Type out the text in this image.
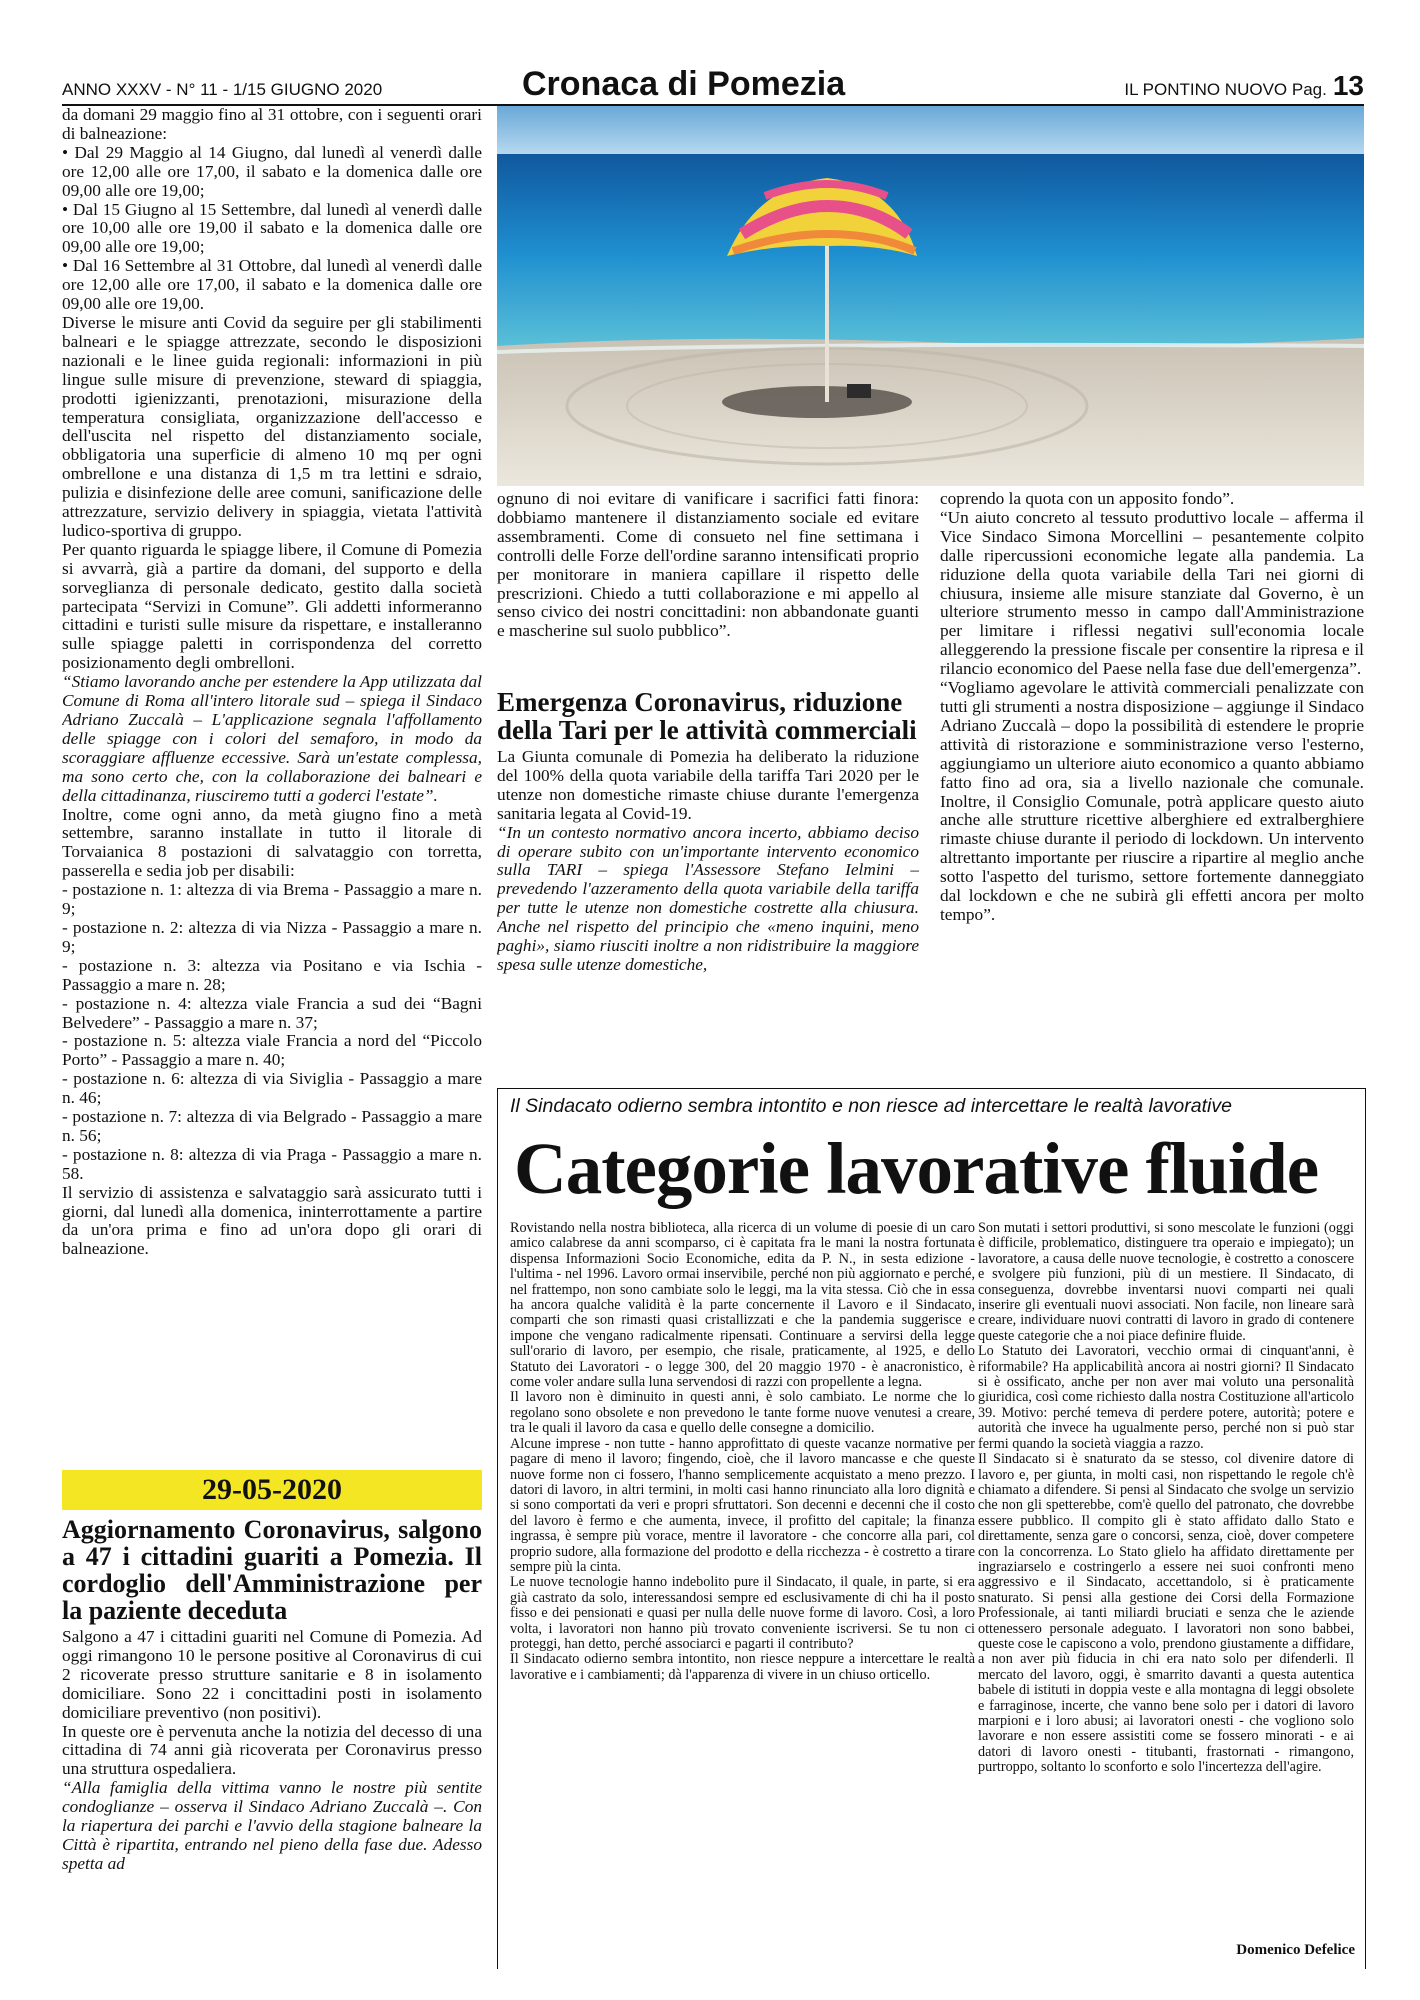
ANNO XXXV - N° 11 - 1/15 GIUGNO 2020	Cronaca di Pomezia	IL PONTINO NUOVO Pag. 13

da domani 29 maggio fino al 31 ottobre, con i seguenti orari di balneazione:

• Dal 29 Maggio al 14 Giugno, dal lunedì al venerdì dalle ore 12,00 alle ore 17,00, il sabato e la domenica dalle ore 09,00 alle ore 19,00;

• Dal 15 Giugno al 15 Settembre, dal lunedì al venerdì dalle ore 10,00 alle ore 19,00 il sabato e la domenica dalle ore 09,00 alle ore 19,00;

• Dal 16 Settembre al 31 Ottobre, dal lunedì al venerdì dalle ore 12,00 alle ore 17,00, il sabato e la domenica dalle ore 09,00 alle ore 19,00.

Diverse le misure anti Covid da seguire per gli stabilimenti balneari e le spiagge attrezzate, secondo le disposizioni nazionali e le linee guida regionali: informazioni in più lingue sulle misure di prevenzione, steward di spiaggia, prodotti igienizzanti, prenotazioni, misurazione della temperatura consigliata, organizzazione dell'accesso e dell'uscita nel rispetto del distanziamento sociale, obbligatoria una superficie di almeno 10 mq per ogni ombrellone e una distanza di 1,5 m tra lettini e sdraio, pulizia e disinfezione delle aree comuni, sanificazione delle attrezzature, servizio delivery in spiaggia, vietata l'attività ludico-sportiva di gruppo.

Per quanto riguarda le spiagge libere, il Comune di Pomezia si avvarrà, già a partire da domani, del supporto e della sorveglianza di personale dedicato, gestito dalla società partecipata “Servizi in Comune”. Gli addetti informeranno cittadini e turisti sulle misure da rispettare, e installeranno sulle spiagge paletti in corrispondenza del corretto posizionamento degli ombrelloni.

“Stiamo lavorando anche per estendere la App utilizzata dal Comune di Roma all'intero litorale sud – spiega il Sindaco Adriano Zuccalà – L'applicazione segnala l'affollamento delle spiagge con i colori del semaforo, in modo da scoraggiare affluenze eccessive. Sarà un'estate complessa, ma sono certo che, con la collaborazione dei balneari e della cittadinanza, riusciremo tutti a goderci l'estate”.

Inoltre, come ogni anno, da metà giugno fino a metà settembre, saranno installate in tutto il litorale di Torvaianica 8 postazioni di salvataggio con torretta, passerella e sedia job per disabili:

- postazione n. 1: altezza di via Brema - Passaggio a mare n. 9;

- postazione n. 2: altezza di via Nizza - Passaggio a mare n. 9;

- postazione n. 3: altezza via Positano e via Ischia - Passaggio a mare n. 28;

- postazione n. 4: altezza viale Francia a sud dei “Bagni Belvedere” - Passaggio a mare n. 37;

- postazione n. 5: altezza viale Francia a nord del “Piccolo Porto” - Passaggio a mare n. 40;

- postazione n. 6: altezza di via Siviglia - Passaggio a mare n. 46;

- postazione n. 7: altezza di via Belgrado - Passaggio a mare n. 56;

- postazione n. 8: altezza di via Praga - Passaggio a mare n. 58.

Il servizio di assistenza e salvataggio sarà assicurato tutti i giorni, dal lunedì alla domenica, ininterrottamente a partire da un'ora prima e fino ad un'ora dopo gli orari di balneazione.

ognuno di noi evitare di vanificare i sacrifici fatti finora: dobbiamo mantenere il distanziamento sociale ed evitare assembramenti. Come di consueto nel fine settimana i controlli delle Forze dell'ordine saranno intensificati proprio per monitorare in maniera capillare il rispetto delle prescrizioni. Chiedo a tutti collaborazione e mi appello al senso civico dei nostri concittadini: non abbandonate guanti e mascherine sul suolo pubblico”.

Emergenza Coronavirus, riduzione della Tari per le attività commerciali

La Giunta comunale di Pomezia ha deliberato la riduzione del 100% della quota variabile della tariffa Tari 2020 per le utenze non domestiche rimaste chiuse durante l'emergenza sanitaria legata al Covid-19.

“In un contesto normativo ancora incerto, abbiamo deciso di operare subito con un'importante intervento economico sulla TARI – spiega l'Assessore Stefano Ielmini – prevedendo l'azzeramento della quota variabile della tariffa per tutte le utenze non domestiche costrette alla chiusura. Anche nel rispetto del principio che «meno inquini, meno paghi», siamo riusciti inoltre a non ridistribuire la maggiore spesa sulle utenze domestiche,

coprendo la quota con un apposito fondo”.

“Un aiuto concreto al tessuto produttivo locale – afferma il Vice Sindaco Simona Morcellini – pesantemente colpito dalle ripercussioni economiche legate alla pandemia. La riduzione della quota variabile della Tari nei giorni di chiusura, insieme alle misure stanziate dal Governo, è un ulteriore strumento messo in campo dall'Amministrazione per limitare i riflessi negativi sull'economia locale alleggerendo la pressione fiscale per consentire la ripresa e il rilancio economico del Paese nella fase due dell'emergenza”.

“Vogliamo agevolare le attività commerciali penalizzate con tutti gli strumenti a nostra disposizione – aggiunge il Sindaco Adriano Zuccalà – dopo la possibilità di estendere le proprie attività di ristorazione e somministrazione verso l'esterno, aggiungiamo un ulteriore aiuto economico a quanto abbiamo fatto fino ad ora, sia a livello nazionale che comunale. Inoltre, il Consiglio Comunale, potrà applicare questo aiuto anche alle strutture ricettive alberghiere ed extralberghiere rimaste chiuse durante il periodo di lockdown. Un intervento altrettanto importante per riuscire a ripartire al meglio anche sotto l'aspetto del turismo, settore fortemente danneggiato dal lockdown e che ne subirà gli effetti ancora per molto tempo”.

29-05-2020
Aggiornamento Coronavirus, salgono a 47 i cittadini guariti a Pomezia. Il cordoglio dell'Amministrazione per la paziente deceduta

Salgono a 47 i cittadini guariti nel Comune di Pomezia. Ad oggi rimangono 10 le persone positive al Coronavirus di cui 2 ricoverate presso strutture sanitarie e 8 in isolamento domiciliare. Sono 22 i concittadini posti in isolamento domiciliare preventivo (non positivi).

In queste ore è pervenuta anche la notizia del decesso di una cittadina di 74 anni già ricoverata per Coronavirus presso una struttura ospedaliera.

“Alla famiglia della vittima vanno le nostre più sentite condoglianze – osserva il Sindaco Adriano Zuccalà –. Con la riapertura dei parchi e l'avvio della stagione balneare la Città è ripartita, entrando nel pieno della fase due. Adesso spetta ad

Il Sindacato odierno sembra intontito e non riesce ad intercettare le realtà lavorative
Categorie lavorative fluide

Rovistando nella nostra biblioteca, alla ricerca di un volume di poesie di un caro amico calabrese da anni scomparso, ci è capitata fra le mani la nostra fortunata dispensa Informazioni Socio Economiche, edita da P. N., in sesta edizione - l'ultima - nel 1996. Lavoro ormai inservibile, perché non più aggiornato e perché, nel frattempo, non sono cambiate solo le leggi, ma la vita stessa. Ciò che in essa ha ancora qualche validità è la parte concernente il Lavoro e il Sindacato, comparti che son rimasti quasi cristallizzati e che la pandemia suggerisce e impone che vengano radicalmente ripensati. Continuare a servirsi della legge sull'orario di lavoro, per esempio, che risale, praticamente, al 1925, e dello Statuto dei Lavoratori - o legge 300, del 20 maggio 1970 - è anacronistico, è come voler andare sulla luna servendosi di razzi con propellente a legna.

Il lavoro non è diminuito in questi anni, è solo cambiato. Le norme che lo regolano sono obsolete e non prevedono le tante forme nuove venutesi a creare, tra le quali il lavoro da casa e quello delle consegne a domicilio.

Alcune imprese - non tutte - hanno approfittato di queste vacanze normative per pagare di meno il lavoro; fingendo, cioè, che il lavoro mancasse e che queste nuove forme non ci fossero, l'hanno semplicemente acquistato a meno prezzo. I datori di lavoro, in altri termini, in molti casi hanno rinunciato alla loro dignità e si sono comportati da veri e propri sfruttatori. Son decenni e decenni che il costo del lavoro è fermo e che aumenta, invece, il profitto del capitale; la finanza ingrassa, è sempre più vorace, mentre il lavoratore - che concorre alla pari, col proprio sudore, alla formazione del prodotto e della ricchezza - è costretto a tirare sempre più la cinta.

Le nuove tecnologie hanno indebolito pure il Sindacato, il quale, in parte, si era già castrato da solo, interessandosi sempre ed esclusivamente di chi ha il posto fisso e dei pensionati e quasi per nulla delle nuove forme di lavoro. Così, a loro volta, i lavoratori non hanno più trovato conveniente iscriversi. Se tu non ci proteggi, han detto, perché associarci e pagarti il contributo?

Il Sindacato odierno sembra intontito, non riesce neppure a intercettare le realtà lavorative e i cambiamenti; dà l'apparenza di vivere in un chiuso orticello.

Son mutati i settori produttivi, si sono mescolate le funzioni (oggi è difficile, problematico, distinguere tra operaio e impiegato); un lavoratore, a causa delle nuove tecnologie, è costretto a conoscere e svolgere più funzioni, più di un mestiere. Il Sindacato, di conseguenza, dovrebbe inventarsi nuovi comparti nei quali inserire gli eventuali nuovi associati. Non facile, non lineare sarà creare, individuare nuovi contratti di lavoro in grado di contenere queste categorie che a noi piace definire fluide.

Lo Statuto dei Lavoratori, vecchio ormai di cinquant'anni, è riformabile? Ha applicabilità ancora ai nostri giorni? Il Sindacato si è ossificato, anche per non aver mai voluto una personalità giuridica, così come richiesto dalla nostra Costituzione all'articolo 39. Motivo: perché temeva di perdere potere, autorità; potere e autorità che invece ha ugualmente perso, perché non si può star fermi quando la società viaggia a razzo.

Il Sindacato si è snaturato da se stesso, col divenire datore di lavoro e, per giunta, in molti casi, non rispettando le regole ch'è chiamato a difendere. Si pensi al Sindacato che svolge un servizio che non gli spetterebbe, com'è quello del patronato, che dovrebbe essere pubblico. Il compito gli è stato affidato dallo Stato e direttamente, senza gare o concorsi, senza, cioè, dover competere con la concorrenza. Lo Stato glielo ha affidato direttamente per ingraziarselo e costringerlo a essere nei suoi confronti meno aggressivo e il Sindacato, accettandolo, si è praticamente snaturato. Si pensi alla gestione dei Corsi della Formazione Professionale, ai tanti miliardi bruciati e senza che le aziende ottenessero personale adeguato. I lavoratori non sono babbei, queste cose le capiscono a volo, prendono giustamente a diffidare, a non aver più fiducia in chi era nato solo per difenderli. Il mercato del lavoro, oggi, è smarrito davanti a questa autentica babele di istituti in doppia veste e alla montagna di leggi obsolete e farraginose, incerte, che vanno bene solo per i datori di lavoro marpioni e i loro abusi; ai lavoratori onesti - che vogliono solo lavorare e non essere assistiti come se fossero minorati - e ai datori di lavoro onesti - titubanti, frastornati - rimangono, purtroppo, soltanto lo sconforto e solo l'incertezza dell'agire.

Domenico Defelice
